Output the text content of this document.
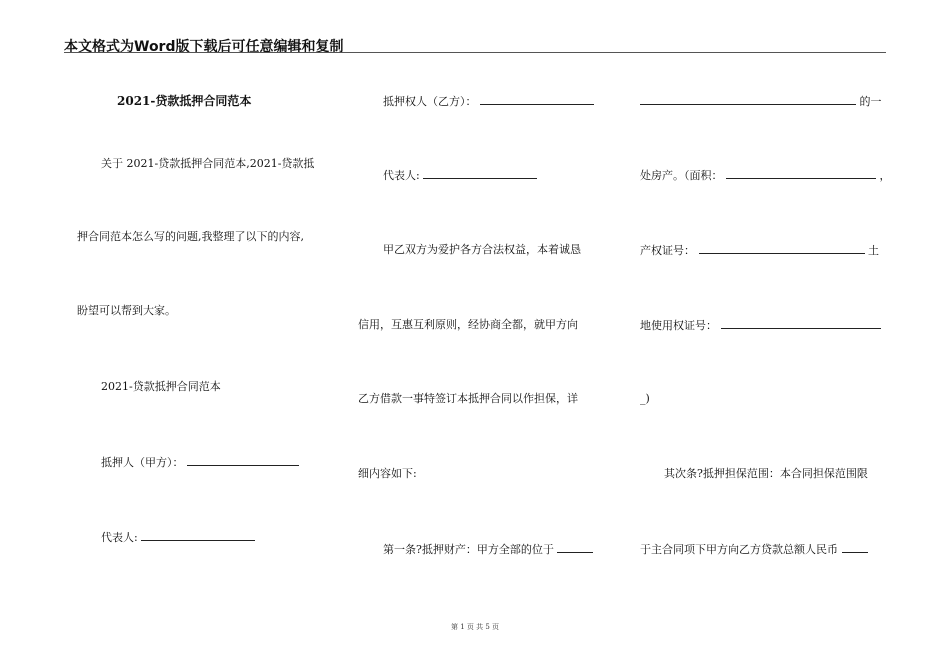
本文格式为Word版下载后可任意编辑和复制
2021-贷款抵押合同范本
关于 2021-贷款抵押合同范本,2021-贷款抵
押合同范本怎么写的问题,我整理了以下的内容,
盼望可以帮到大家。
2021-贷款抵押合同范本
抵押人（甲方）：
代表人:
抵押权人（乙方）：
代表人:
甲乙双方为爱护各方合法权益，本着诚恳
信用，互惠互利原则，经协商全都，就甲方向
乙方借款一事特签订本抵押合同以作担保，详
细内容如下:
第一条?抵押财产：甲方全部的位于
的一
处房产。（面积：	，
产权证号：	土
地使用权证号：
_)
其次条?抵押担保范围：本合同担保范围限
于主合同项下甲方向乙方贷款总额人民币
第 1 页 共 5 页
